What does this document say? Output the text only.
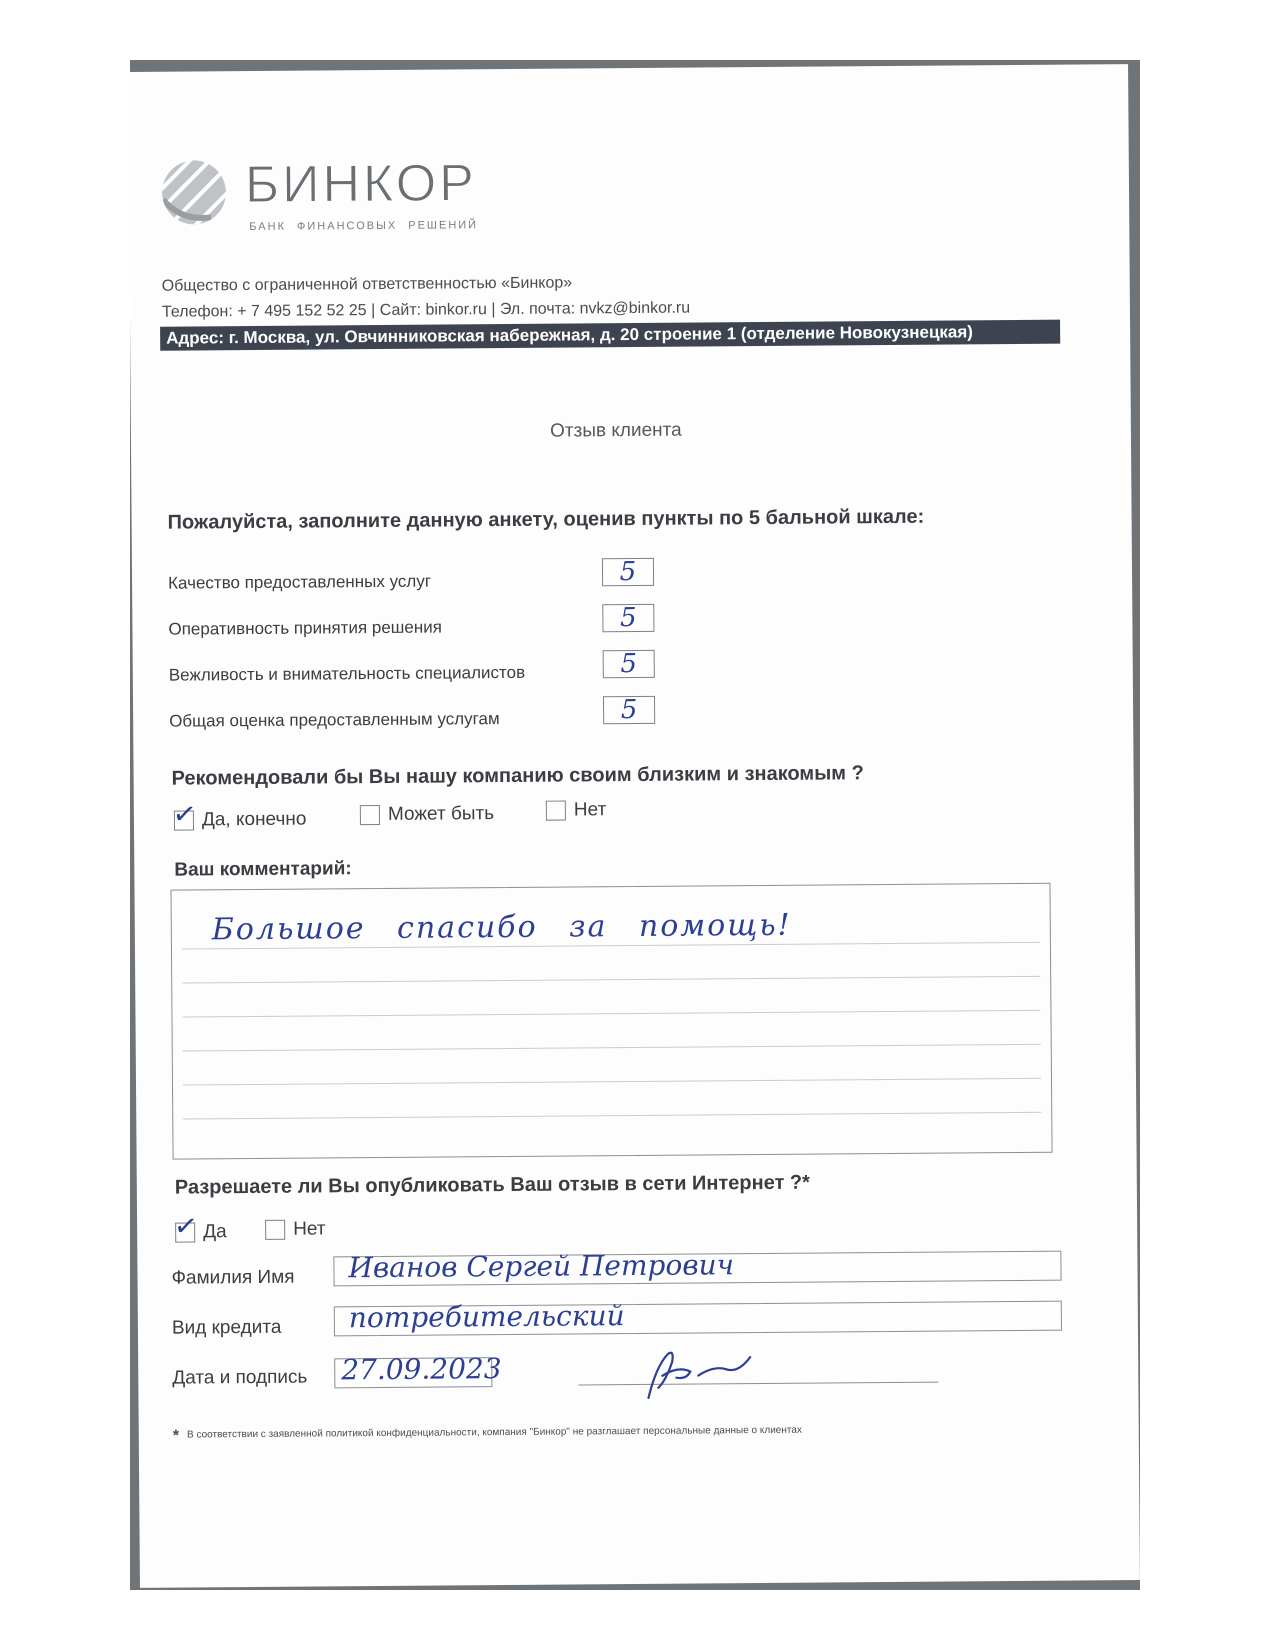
БИНКОР
БАНК ФИНАНСОВЫХ РЕШЕНИЙ
Общество с ограниченной ответственностью «Бинкор»
Телефон: + 7 495 152 52 25 | Сайт: binkor.ru | Эл. почта: nvkz@binkor.ru
Адрес: г. Москва, ул. Овчинниковская набережная, д. 20 строение 1 (отделение Новокузнецкая)
Отзыв клиента
Пожалуйста, заполните данную анкету, оценив пункты по 5 бальной шкале:
Качество предоставленных услуг	5
Оперативность принятия решения	5
Вежливость и внимательность специалистов	5
Общая оценка предоставленным услугам	5
Рекомендовали бы Вы нашу компанию своим близким и знакомым ?
✓ Да, конечно	Может быть	Нет
Ваш комментарий:
Большое спасибо за помощь!
Разрешаете ли Вы опубликовать Ваш отзыв в сети Интернет ?*
✓ Да	Нет
Фамилия Имя Иванов Сергей Петрович
Вид кредита потребительский
Дата и подпись 27.09.2023
* В соответствии с заявленной политикой конфиденциальности, компания "Бинкор" не разглашает персональные данные о клиентах
